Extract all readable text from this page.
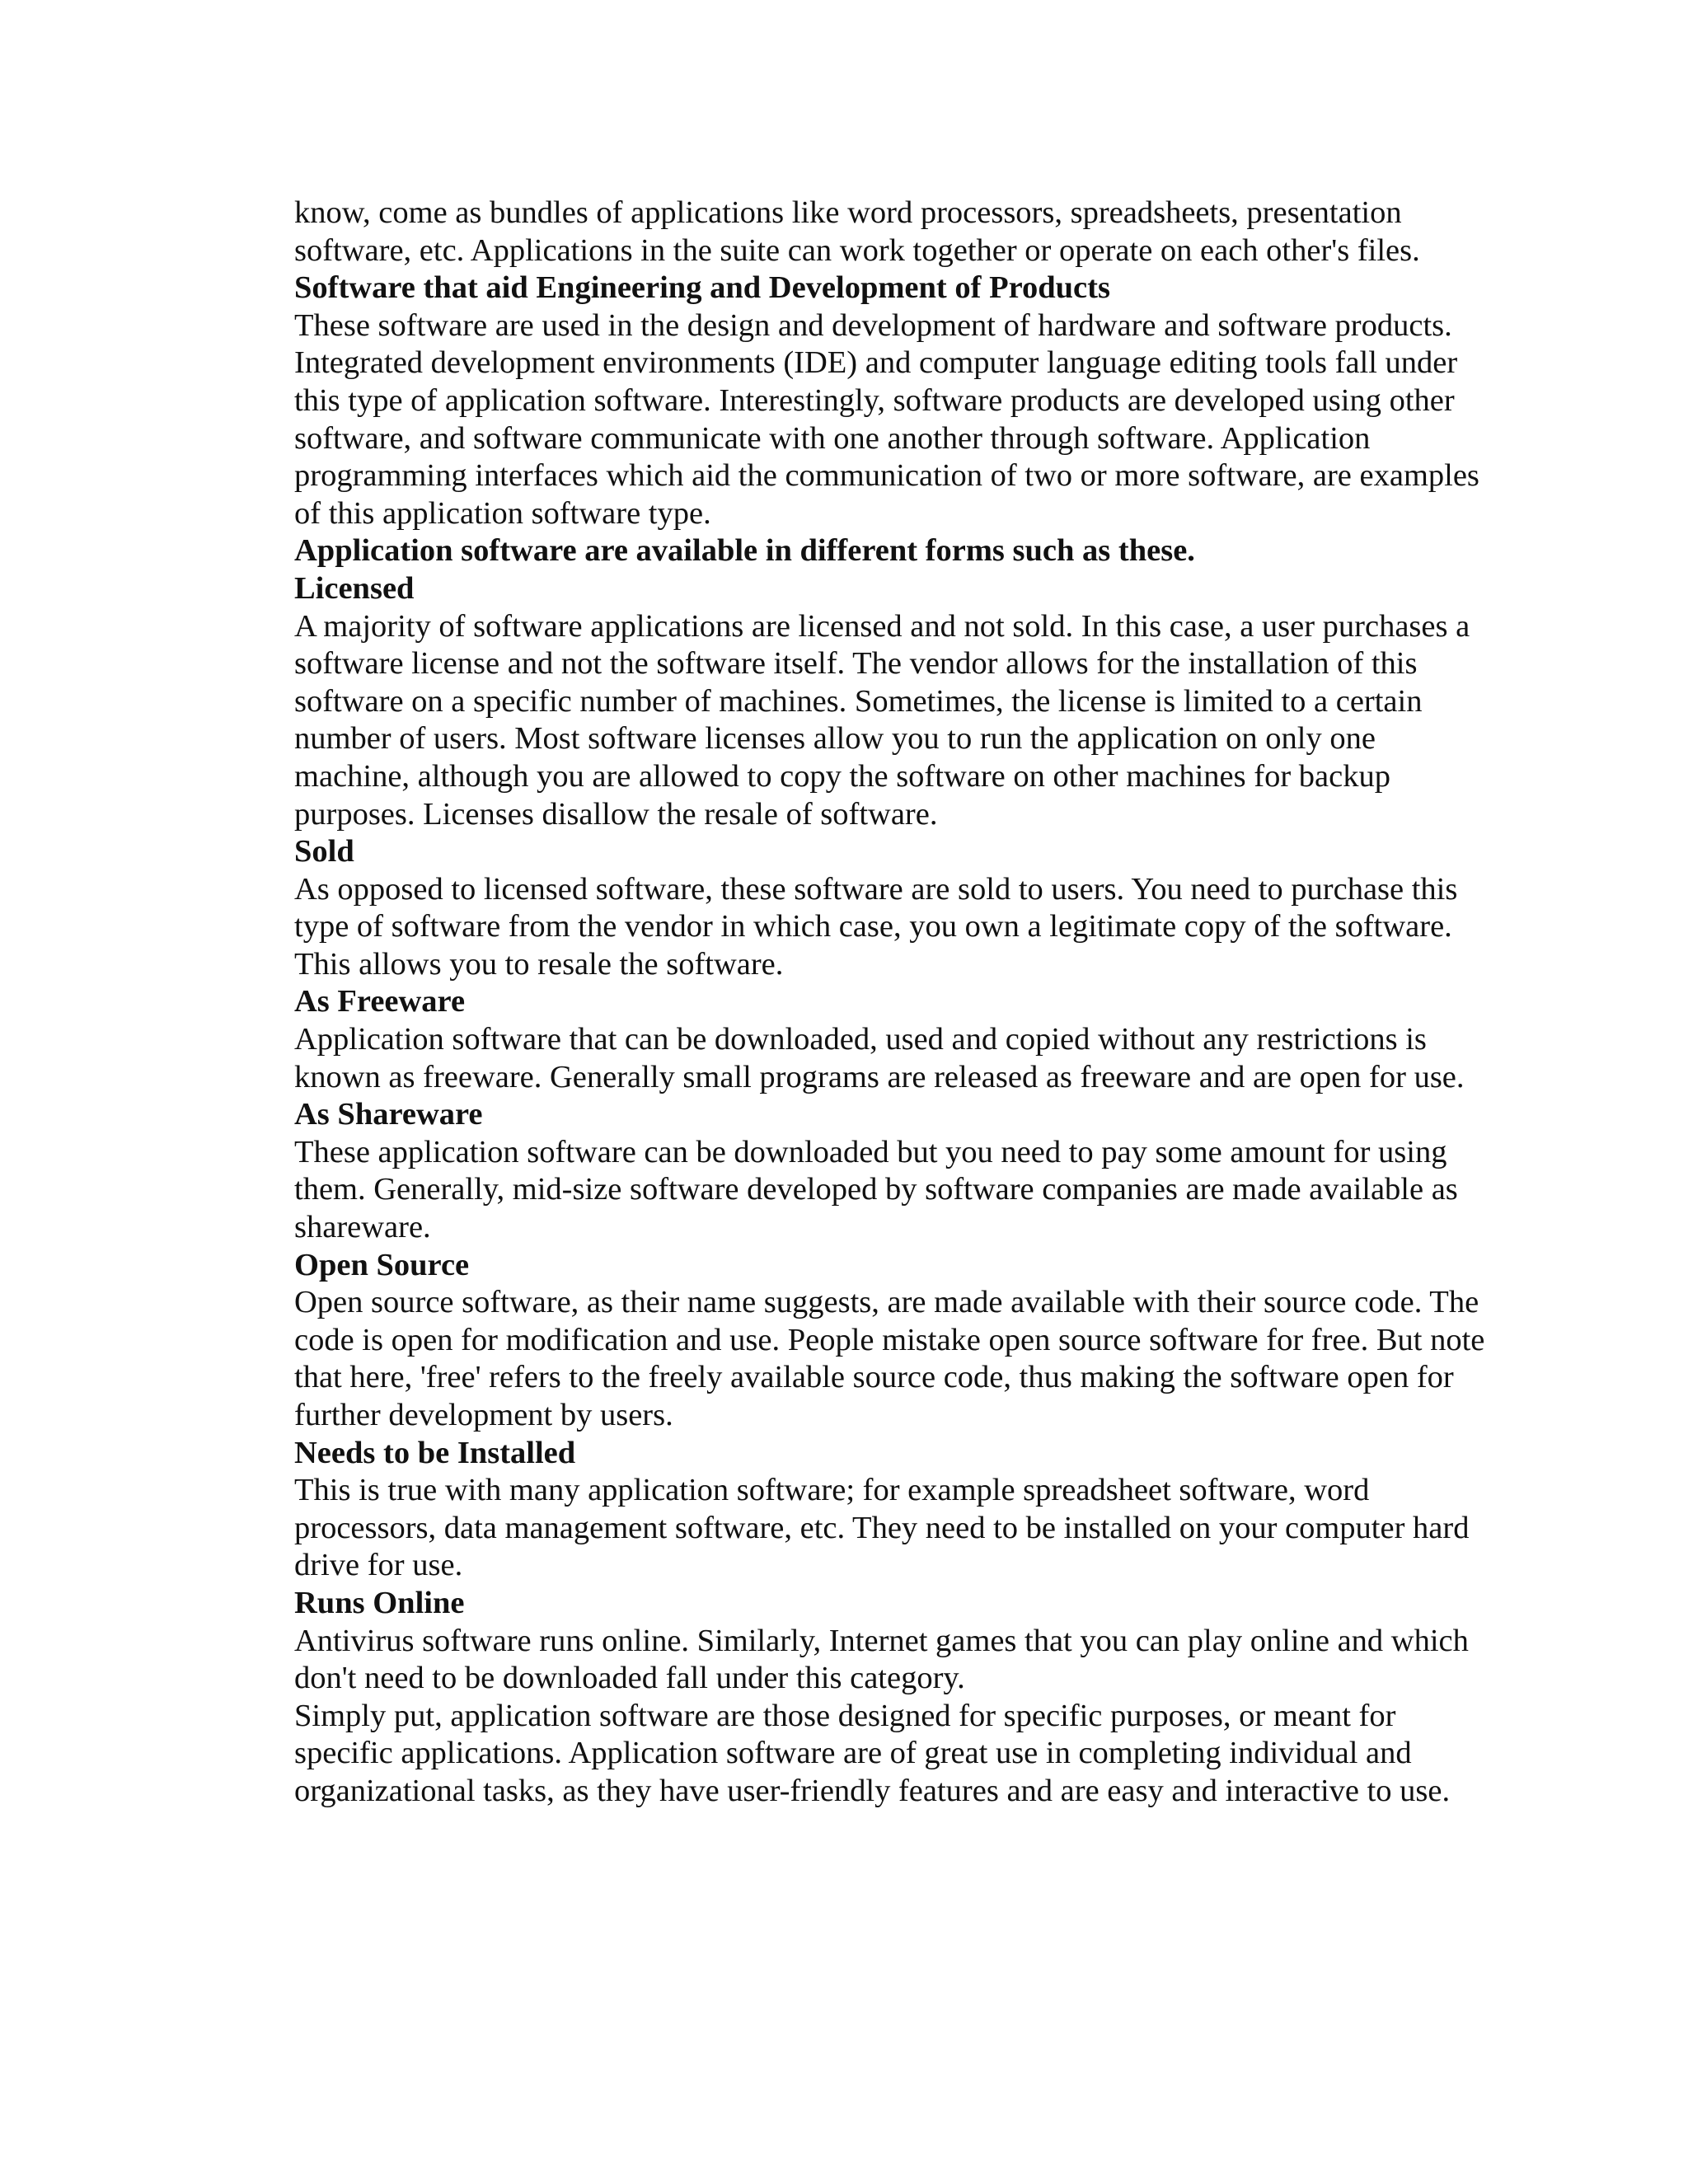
know, come as bundles of applications like word processors, spreadsheets, presentation software, etc. Applications in the suite can work together or operate on each other's files.

Software that aid Engineering and Development of Products

These software are used in the design and development of hardware and software products. Integrated development environments (IDE) and computer language editing tools fall under this type of application software. Interestingly, software products are developed using other software, and software communicate with one another through software. Application programming interfaces which aid the communication of two or more software, are examples of this application software type.

Application software are available in different forms such as these.

Licensed

A majority of software applications are licensed and not sold. In this case, a user purchases a software license and not the software itself. The vendor allows for the installation of this software on a specific number of machines. Sometimes, the license is limited to a certain number of users. Most software licenses allow you to run the application on only one machine, although you are allowed to copy the software on other machines for backup purposes. Licenses disallow the resale of software.

Sold

As opposed to licensed software, these software are sold to users. You need to purchase this type of software from the vendor in which case, you own a legitimate copy of the software. This allows you to resale the software.

As Freeware

Application software that can be downloaded, used and copied without any restrictions is known as freeware. Generally small programs are released as freeware and are open for use.

As Shareware

These application software can be downloaded but you need to pay some amount for using them. Generally, mid-size software developed by software companies are made available as shareware.

Open Source

Open source software, as their name suggests, are made available with their source code. The code is open for modification and use. People mistake open source software for free. But note that here, 'free' refers to the freely available source code, thus making the software open for further development by users.

Needs to be Installed

This is true with many application software; for example spreadsheet software, word processors, data management software, etc. They need to be installed on your computer hard drive for use.

Runs Online

Antivirus software runs online. Similarly, Internet games that you can play online and which don't need to be downloaded fall under this category.

Simply put, application software are those designed for specific purposes, or meant for specific applications. Application software are of great use in completing individual and organizational tasks, as they have user-friendly features and are easy and interactive to use.
